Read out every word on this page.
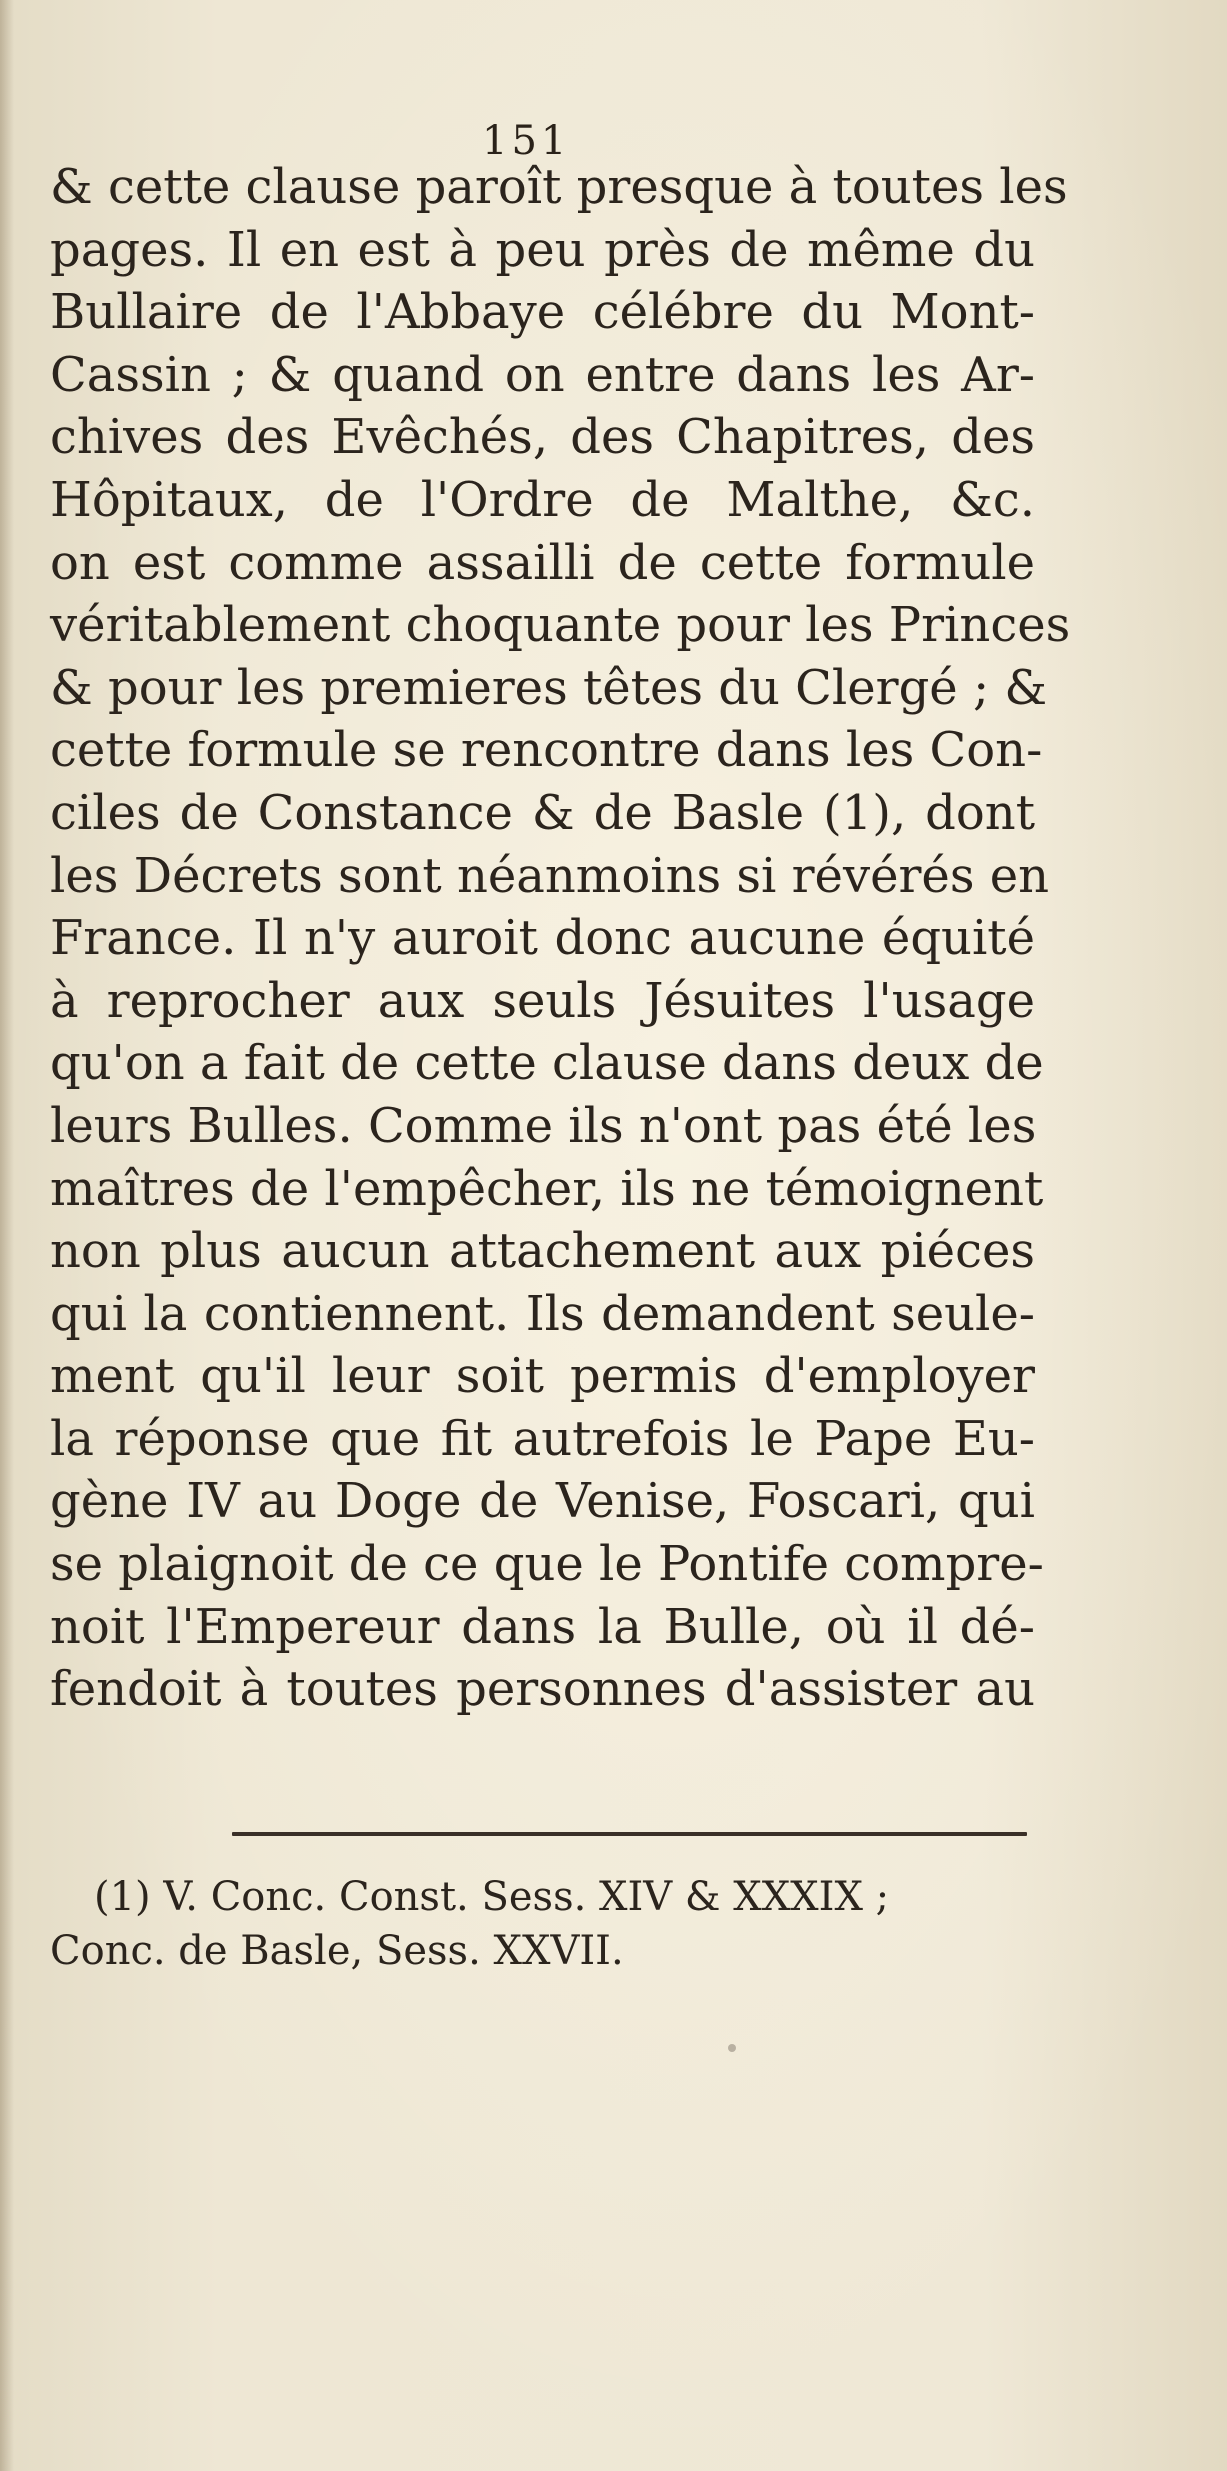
151
& cette clause paroît presque à toutes les
pages. Il en est à peu près de même du
Bullaire de l'Abbaye célébre du Mont-
Cassin ; & quand on entre dans les Ar-
chives des Evêchés, des Chapitres, des
Hôpitaux, de l'Ordre de Malthe, &c.
on est comme assailli de cette formule
véritablement choquante pour les Princes
& pour les premieres têtes du Clergé ; &
cette formule se rencontre dans les Con-
ciles de Constance & de Basle (1), dont
les Décrets sont néanmoins si révérés en
France. Il n'y auroit donc aucune équité
à reprocher aux seuls Jésuites l'usage
qu'on a fait de cette clause dans deux de
leurs Bulles. Comme ils n'ont pas été les
maîtres de l'empêcher, ils ne témoignent
non plus aucun attachement aux piéces
qui la contiennent. Ils demandent seule-
ment qu'il leur soit permis d'employer
la réponse que fit autrefois le Pape Eu-
gène IV au Doge de Venise, Foscari, qui
se plaignoit de ce que le Pontife compre-
noit l'Empereur dans la Bulle, où il dé-
fendoit à toutes personnes d'assister au
(1) V. Conc. Const. Sess. XIV & XXXIX ;
Conc. de Basle, Sess. XXVII.
